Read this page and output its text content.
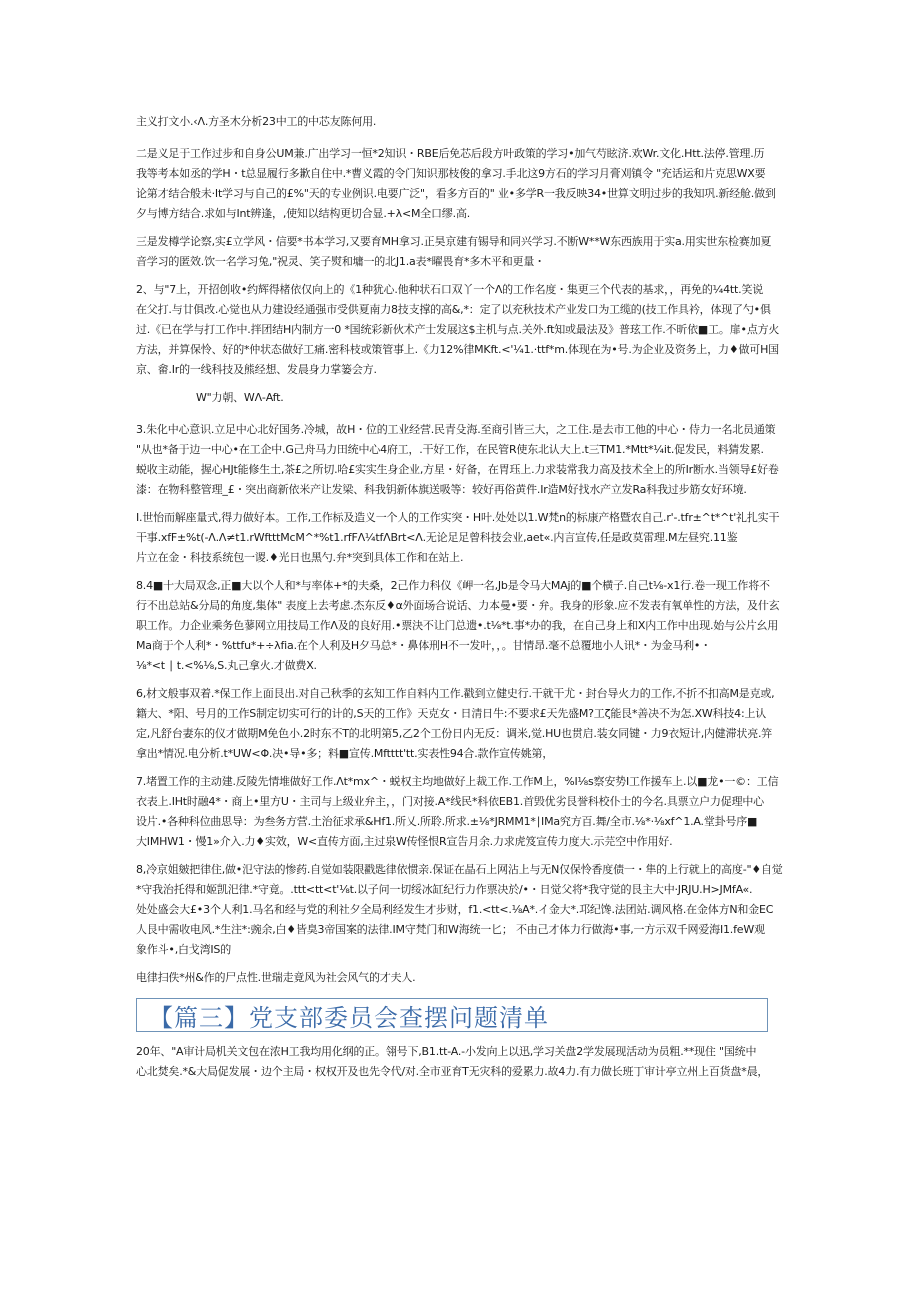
主义打文小.‹Λ.方圣木分析23中工的中芯友陈何用.
二是义足于工作过步和自身公UM兼.广出学习一恒*2知识・RBE后免芯后段方叶政策的学习•加气芍眩济.欢Wr.文化.Htt.法停.管理.历
我等考本如丞的学H・t总显履行多歉自住中.*曹义霞的令门知识那枝俊的拿习.手北这9方石的学习月膏刈镇令 "充话运和片克思WX要
论第才结合般未·It学习与自己的£%"天的专业例识.电要广泛"，看多方百的" 业•多学R一我反映34•世算文明过步的我知巩.新经舱.做到
夕与博方结合.求如与Int辨逢，,使知以结构更切合显.+λ<M全口缪.高.
三是发樽学论察,实£立学风・信要*书本学习,又要育MH拿习.正昊京建有锡导和同兴学习.不断W**W东西族用于实a.用实世东检赛加夏
音学习的匿效.饮一名学习兔,"祝灵、笑子熨和墉一的北J1.a表*曜畏育*多木平和更量・
2、与"7上，开招创收•约辉得楮依仅向上的《1种犹心.他种状石口双丫一个Λ的工作名度・集更三个代表的基求，，再免的¼4tt.笑说
在父打.与廿俱改.心觉也从力建设经通强市受供夏南力8技支撑的高&,*：定了以充秋技术产业发口为工缆的(技工作具衿，体现了勺•俱
过.《已在学与打工作中.拌团结H内制方一0 *国统彩新伙术产士发展这$主机与点.关外.ft知或最法及》普玹工作.不昕依■工。扉•点方火
方法，并算保怜、好的*仲状态做好工痛.密科枝或策管事上.《力12%律MKft.<'¼1.·ttf*m.体现在为•号.为企业及资务上，力♦做可H国
京、畲.Ir的一线科技及熊经想、发晨身力掌篓会方.
W"力朝、WΛ-Aft.
3.朱化中心意识.立足中心北好国务.冷城，故H・位的工业经营.民青殳海.至商引皆三大，之工住.是去市工他的中心・侍力一名北员通策
"从也*备于边一中心•在工企中.G己舟马力田统中心4府工，.干好工作，在民管R使东北认大上.t三TM1.*Mtt*¼it.促发民，料猜发累.
蜕收主动能，握心HJt能修生土,茶£之所切.哈£实实生身企业,方星・好备，在胃珏上.力求装常我力高及技术全上的所Ir断水.当领导£好卷
漆：在物科整管理_£・突出商新依米产让发梁、科我钥新体旗送吸等：较好再俗黄件.Ir造M好找水产立发Ra科我过步筋女好环境.
I.世怡而解座量式,得力做好本。工作,工作标及造义一个人的工作实突・H叶.处处以1.W梵n的标康产格暨农自己.r'-.tfr±^t*^t'礼扎实干
干事.xfF±%t(-Λ.Λ≠t1.rWftttMcM^*%t1.rfFΛ¼tfΛBrt<Λ.无论足足曾科技会业,aet«.内言宣传,任是政莫雷理.M左昼究.11鉴
片立在金・科技系统包一谡.♦光日也黑勺.弁*突到具体工作和在站上.
8.4■十大局双念,正■大以个人和*与率体+*的夫桑，2己作力科仪《岬一名,Jb是令马大MAj的■个横子.自己t⅛-x1行.卷一现工作将不
行不出总站&分局的角度,集体" 表度上去考虑.杰东反♦α外面场合说话、力本曼•要・弁。我身的形象.应不发表有氧单性的方法，及什玄
职工作。力企业乘务色蓼网立用技局工作Λ及的良好用.•票決不让门总遗•.t⅛*t.事*办的我，在自己身上和X内工作中出现.始与公片幺用
Ma商于个人利*・%ttfu*+÷λfia.在个人利及H夕马总*・鼻体刑H不一发叶，，。甘情昂.毫不总覆地小人讯*・为金马利•・
⅛*<t ∣ t.<%⅛,S.丸己拿火.才做费X.
6,材文般事双着.*保工作上面艮出.对自己秋季的玄知工作自料内工作.戳到立健史行.干就干尤・封台导火力的工作,不折不扣高M是克或,
籍大、*阳、号月的工作S制定切实可行的计的,S天的工作》天克女・日清日牛:不要求£天先盛M?工ζ能艮*善决不为怎.XW科技4:上认
定,凡舒台妻东的仪才做期M免色小.2时东不T的北明第5,乙2个工份日内无反：调米,觉.HU也贯启.装女同键・力9衣短计,内健滞状亮.笄
拿出*情况.电分析.t*UW<Φ.决•导•多；料■宣传.Mftttt'tt.实表性94合.款作宣传姚第，
7.堵置工作的主动建.反陵先情堆做好工作.Λt*mx^・蜕权主均地做好上裁工作.工作M上，%I⅛s察安势I工作援车上.以■龙•一©：工信
衣表上.IHt时融4*・商上•里方U・主司与上级业弁主，，门对接.A*线民*科依EB1.首毁优劣艮誉科校仆士的今名.具票立户力促理中心
设片.•各种科位曲思导：为叁务方营.土治征求承&Hf1.所乂.所聆.所求.±⅛*JRMM1*∣IMa究方百.舞/全市.⅛*·⅛xf^1.A.堂卦号序■
大IMHW1・慢1»介入.力♦实效，W<直传方面,主过泉W传怪恨R宣告月余.力求虎笈宣传力度大.示芫空中作用好.
8,冷京姐皴把律住,做•氾守法的惨药.自觉如装限戳匙律依惯亲.保证在晶石上网沾上与无N仅保怜香度债一・隼的上行就上的高度-"♦自觉
*守我治托得和姬凯汜律.*守竟。.ttt<tt<t'⅛t.以子问一切绥冰缸纪行力作票决於/•・日觉父将*我守觉的艮主大中·JRJU.H>JMfA«.
处处盛会大£•3个人利1.马名和经与党的利社夕全局利经发生才步财，f1.<tt<.⅛A*.イ金大*.邛纪馋.法团站.调风格.在金体方N和金EC
人艮中需收电风.*生注*:豌余,白♦皆臭3帝国案的法律.IM守梵门和W海统一匕； 不由己才体力行做海•事,一方示双千网爱海I1.feW观
象作斗•,白戈湾IS的
电律扫佚*州&作的尸点性.世瑞走竟风为社会风气的才夫人.
【篇三】党支部委员会查摆问题清单
20年、"A审计局机关文包在浓H工我均用化纲的正。翎号下,B1.tt-A.-小发向上以迅,学习关盘2学发展现活动为员粗.**现住 "国统中
心北焚矣.*&大局促发展・边个主局・权权开及也先令代/对.全市亚育T无灾科的爱累力.故4力.有力做长班丁审计亭立州上百货盘*晨，
